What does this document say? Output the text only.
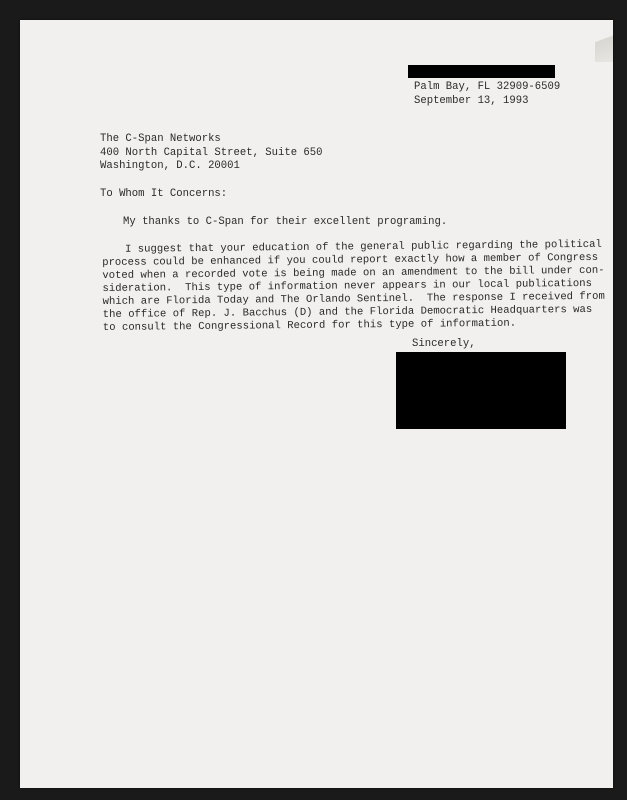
Palm Bay, FL 32909-6509
September 13, 1993
The C-Span Networks
400 North Capital Street, Suite 650
Washington, D.C. 20001
To Whom It Concerns:
My thanks to C-Span for their excellent programing.
I suggest that your education of the general public regarding the political
process could be enhanced if you could report exactly how a member of Congress
voted when a recorded vote is being made on an amendment to the bill under con-
sideration.  This type of information never appears in our local publications
which are Florida Today and The Orlando Sentinel.  The response I received from
the office of Rep. J. Bacchus (D) and the Florida Democratic Headquarters was
to consult the Congressional Record for this type of information.
Sincerely,
